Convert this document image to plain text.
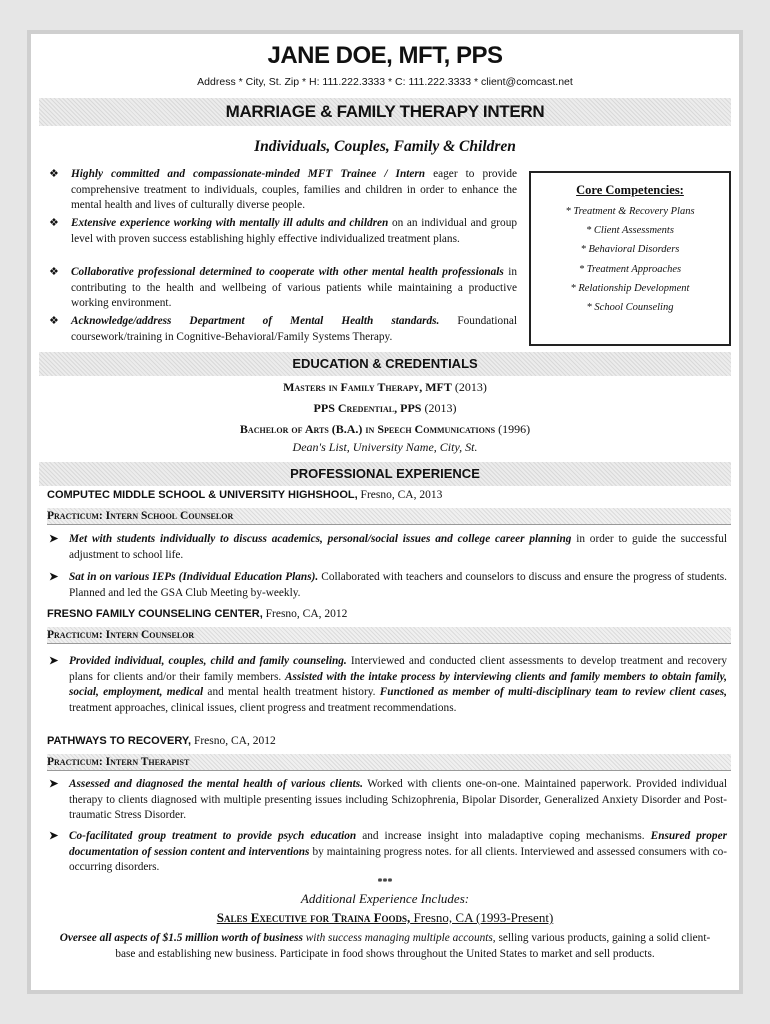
JANE DOE, MFT, PPS
Address * City, St. Zip * H: 111.222.3333 * C: 111.222.3333 * client@comcast.net
MARRIAGE & FAMILY THERAPY INTERN
Individuals, Couples, Family & Children
❖ Highly committed and compassionate-minded MFT Trainee / Intern eager to provide comprehensive treatment to individuals, couples, families and children in order to enhance the mental health and lives of culturally diverse people.
❖ Extensive experience working with mentally ill adults and children on an individual and group level with proven success establishing highly effective individualized treatment plans.
❖ Collaborative professional determined to cooperate with other mental health professionals in contributing to the health and wellbeing of various patients while maintaining a productive working environment.
❖ Acknowledge/address Department of Mental Health standards. Foundational coursework/training in Cognitive-Behavioral/Family Systems Therapy.
Core Competencies:
* Treatment & Recovery Plans
* Client Assessments
* Behavioral Disorders
* Treatment Approaches
* Relationship Development
* School Counseling
EDUCATION & CREDENTIALS
Masters in Family Therapy, MFT (2013)
PPS Credential, PPS (2013)
Bachelor of Arts (B.A.) in Speech Communications (1996)
Dean's List, University Name, City, St.
PROFESSIONAL EXPERIENCE
COMPUTEC MIDDLE SCHOOL & UNIVERSITY HIGHSHOOL, Fresno, CA, 2013
Practicum: Intern School Counselor
➤ Met with students individually to discuss academics, personal/social issues and college career planning in order to guide the successful adjustment to school life.
➤ Sat in on various IEPs (Individual Education Plans). Collaborated with teachers and counselors to discuss and ensure the progress of students. Planned and led the GSA Club Meeting by-weekly.
FRESNO FAMILY COUNSELING CENTER, Fresno, CA, 2012
Practicum: Intern Counselor
➤ Provided individual, couples, child and family counseling. Interviewed and conducted client assessments to develop treatment and recovery plans for clients and/or their family members. Assisted with the intake process by interviewing clients and family members to obtain family, social, employment, medical and mental health treatment history. Functioned as member of multi-disciplinary team to review client cases, treatment approaches, clinical issues, client progress and treatment recommendations.
PATHWAYS TO RECOVERY, Fresno, CA, 2012
Practicum: Intern Therapist
➤ Assessed and diagnosed the mental health of various clients. Worked with clients one-on-one. Maintained paperwork. Provided individual therapy to clients diagnosed with multiple presenting issues including Schizophrenia, Bipolar Disorder, Generalized Anxiety Disorder and Post-traumatic Stress Disorder.
➤ Co-facilitated group treatment to provide psych education and increase insight into maladaptive coping mechanisms. Ensured proper documentation of session content and interventions by maintaining progress notes. for all clients. Interviewed and assessed consumers with co-occurring disorders.
***
Additional Experience Includes:
Sales Executive for Traina Foods, Fresno, CA (1993-Present)
Oversee all aspects of $1.5 million worth of business with success managing multiple accounts, selling various products, gaining a solid client-base and establishing new business. Participate in food shows throughout the United States to market and sell products.
